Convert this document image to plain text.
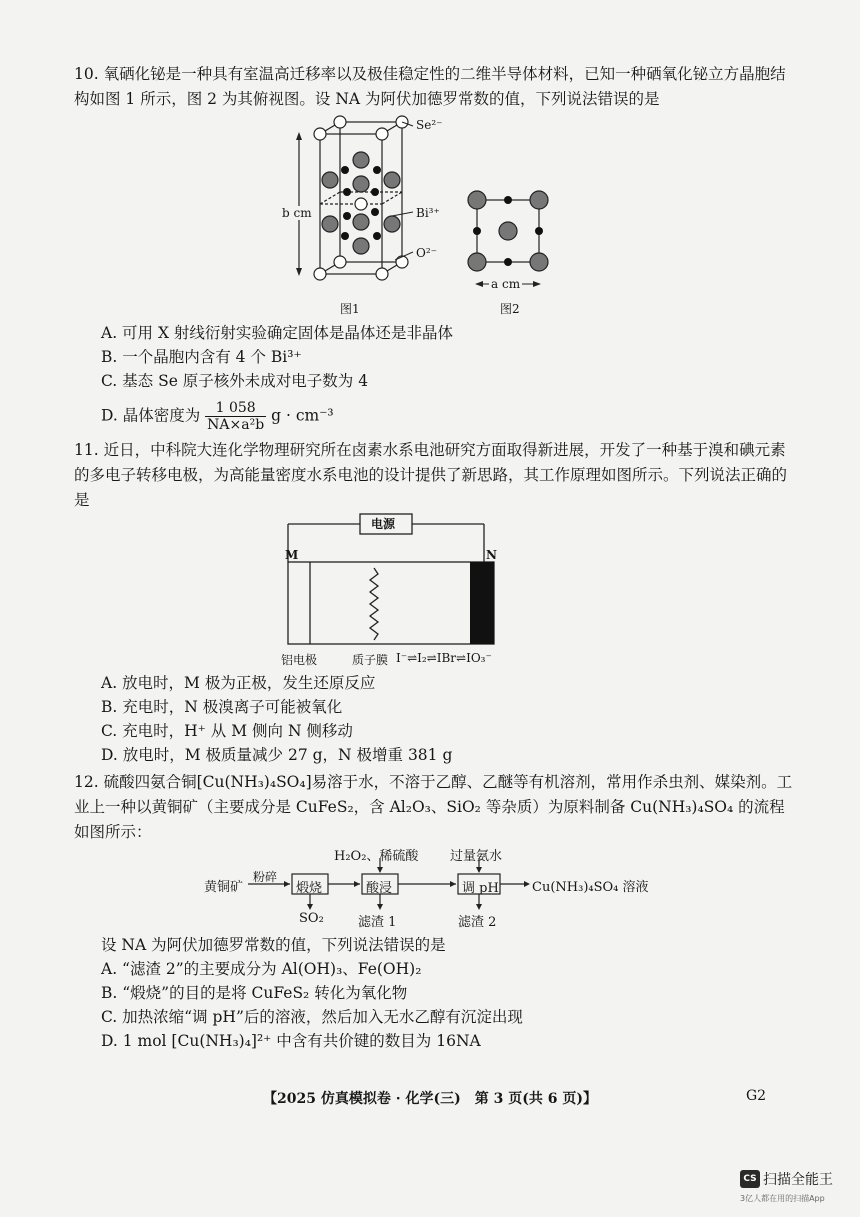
10. 氧硒化铋是一种具有室温高迁移率以及极佳稳定性的二维半导体材料，已知一种硒氧化铋立方晶胞结构如图 1 所示，图 2 为其俯视图。设 NA 为阿伏加德罗常数的值，下列说法错误的是
Se²⁻
Bi³⁺
O²⁻
b cm
图1
a cm
图2
A. 可用 X 射线衍射实验确定固体是晶体还是非晶体
B. 一个晶胞内含有 4 个 Bi³⁺
C. 基态 Se 原子核外未成对电子数为 4
D. 晶体密度为 $\frac{1 058}{\text{NA×a²b}}$ g · cm⁻³
11. 近日，中科院大连化学物理研究所在卤素水系电池研究方面取得新进展，开发了一种基于溴和碘元素的多电子转移电极，为高能量密度水系电池的设计提供了新思路，其工作原理如图所示。下列说法正确的是
电源
M	N
铝电极	质子膜 I⁻⇌I₂⇌IBr⇌IO₃⁻
A. 放电时，M 极为正极，发生还原反应
B. 充电时，N 极溴离子可能被氧化
C. 充电时，H⁺ 从 M 侧向 N 侧移动
D. 放电时，M 极质量减少 27 g，N 极增重 381 g
12. 硫酸四氨合铜[Cu(NH₃)₄SO₄]易溶于水，不溶于乙醇、乙醚等有机溶剂，常用作杀虫剂、媒染剂。工业上一种以黄铜矿（主要成分是 CuFeS₂，含 Al₂O₃、SiO₂ 等杂质）为原料制备 Cu(NH₃)₄SO₄ 的流程如图所示：
黄铜矿
粉碎
煅烧	酸浸	调 pH	Cu(NH₃)₄SO₄ 溶液
H₂O₂、稀硫酸 过量氨水
SO₂	滤渣 1	滤渣 2
设 NA 为阿伏加德罗常数的值，下列说法错误的是
A. “滤渣 2”的主要成分为 Al(OH)₃、Fe(OH)₂
B. “煅烧”的目的是将 CuFeS₂ 转化为氧化物
C. 加热浓缩“调 pH”后的溶液，然后加入无水乙醇有沉淀出现
D. 1 mol [Cu(NH₃)₄]²⁺ 中含有共价键的数目为 16NA
【2025 仿真模拟卷 · 化学(三)　第 3 页(共 6 页)】	G2
CS 扫描全能王
3亿人都在用的扫描App
